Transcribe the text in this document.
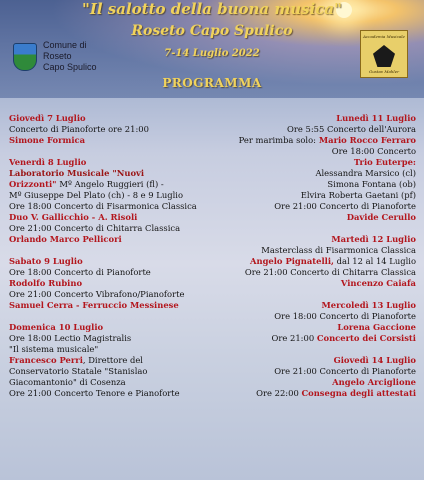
"Il salotto della buona musica"
Roseto Capo Spulico
7-14 Luglio 2022
PROGRAMMA
Comune di
Roseto
Capo Spulico
Accademia Musicale
Gustav Mahler

Giovedì 7 Luglio

Concerto di Pianoforte ore 21:00

Simone Formica

Venerdì 8 Luglio

Laboratorio Musicale "Nuovi

Orizzonti" Mº Angelo Ruggieri (fl) -

Mº Giuseppe Del Plato (ch) - 8 e 9 Luglio

Ore 18:00 Concerto di Fisarmonica Classica

Duo V. Gallicchio - A. Risoli

Ore 21:00 Concerto di Chitarra Classica

Orlando Marco Pellicori

Sabato 9 Luglio

Ore 18:00 Concerto di Pianoforte

Rodolfo Rubino

Ore 21:00 Concerto Vibrafono/Pianoforte

Samuel Cerra - Ferruccio Messinese

Domenica 10 Luglio

Ore 18:00 Lectio Magistralis

"Il sistema musicale"

Francesco Perri, Direttore del

Conservatorio Statale "Stanislao

Giacomantonio" di Cosenza

Ore 21:00 Concerto Tenore e Pianoforte

Lunedì 11 Luglio

Ore 5:55 Concerto dell'Aurora

Per marimba solo: Mario Rocco Ferraro

Ore 18:00 Concerto

Trio Euterpe:

Alessandra Marsico (cl)

Simona Fontana (ob)

Elvira Roberta Gaetani (pf)

Ore 21:00 Concerto di Pianoforte

Davide Cerullo

Martedì 12 Luglio

Masterclass di Fisarmonica Classica

Angelo Pignatelli, dal 12 al 14 Luglio

Ore 21:00 Concerto di Chitarra Classica

Vincenzo Caiafa

Mercoledì 13 Luglio

Ore 18:00 Concerto di Pianoforte

Lorena Gaccione

Ore 21:00 Concerto dei Corsisti

Giovedì 14 Luglio

Ore 21:00 Concerto di Pianoforte

Angelo Arciglione

Ore 22:00 Consegna degli attestati
